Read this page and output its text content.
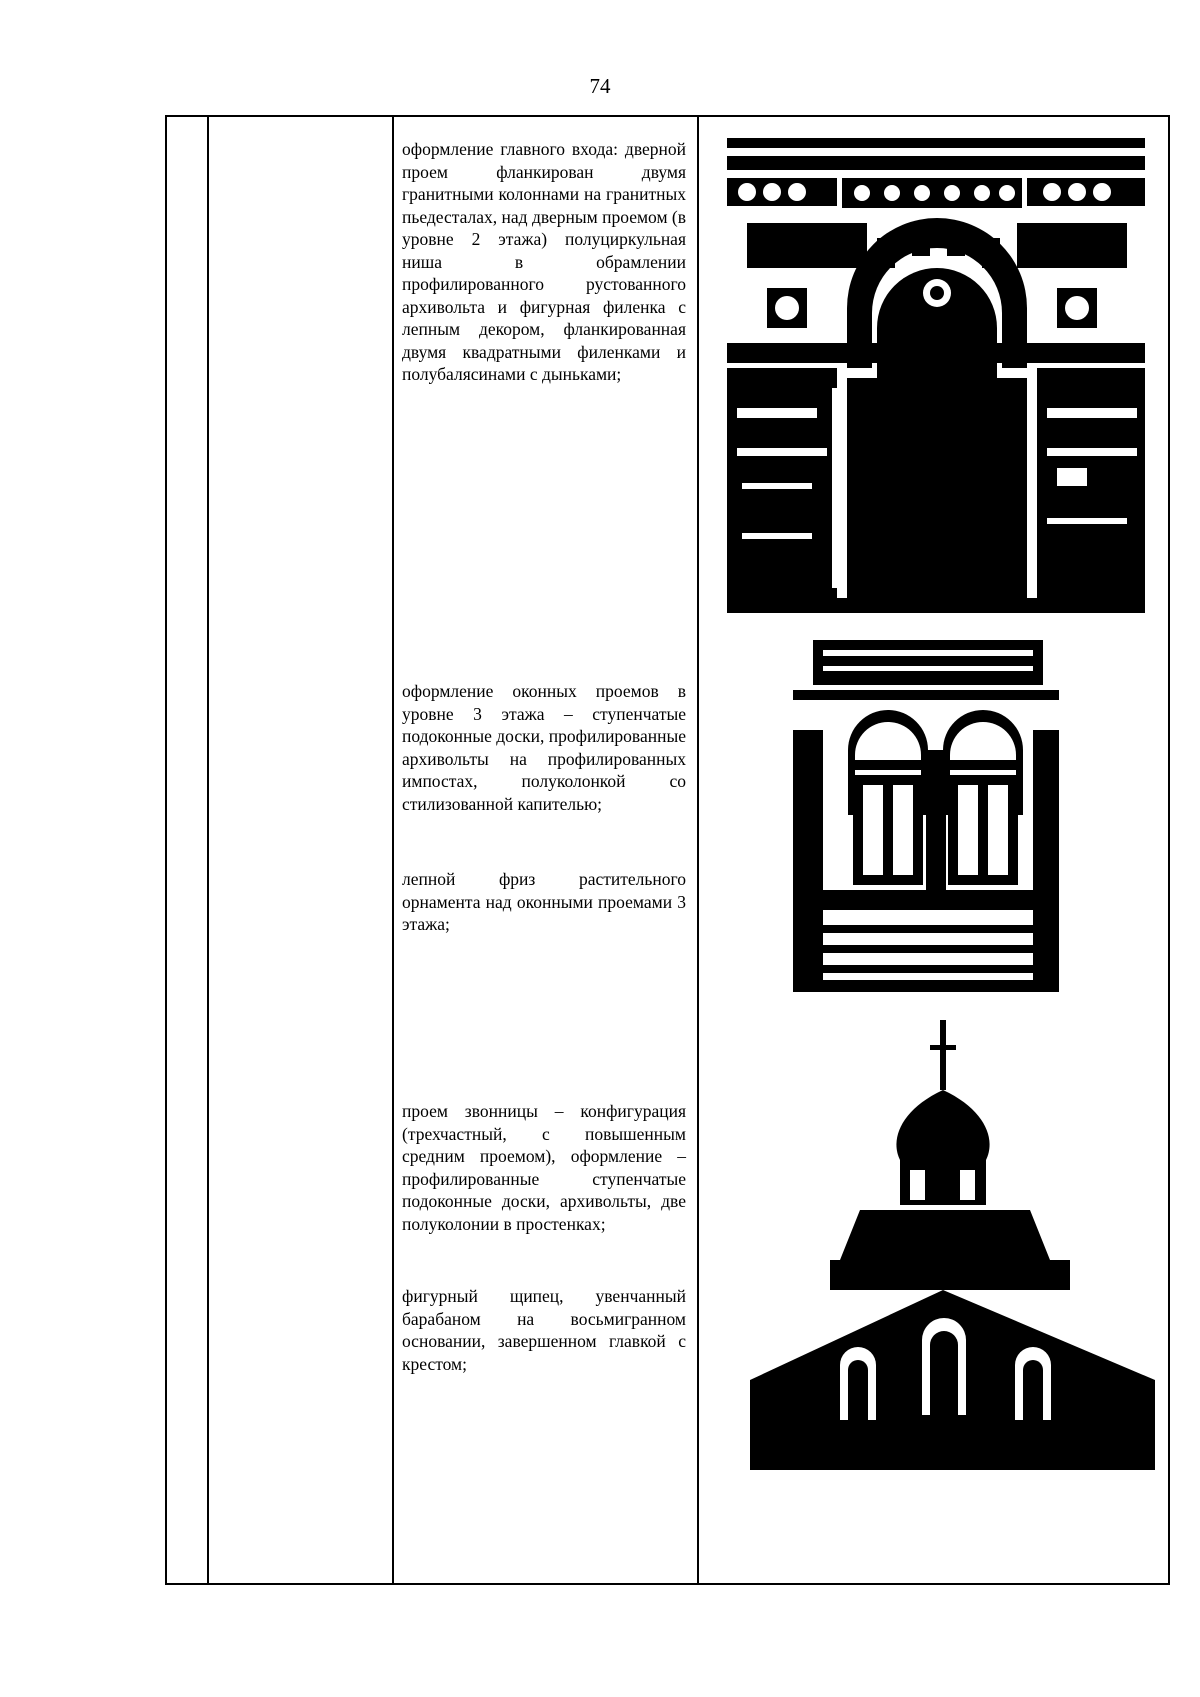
74

оформление главного входа: дверной проем фланкирован двумя гранитными колоннами на гранитных пьедесталах, над дверным проемом (в уровне 2 этажа) полуциркульная ниша в обрамлении профилированного рустованного архивольта и фигурная филенка с лепным декором, фланкированная двумя квадратными филенками и полубалясинами с дыньками;

оформление оконных проемов в уровне 3 этажа – ступенчатые подоконные доски, профилированные архивольты на профилированных импостах, полуколонкой со стилизованной капителью;

лепной фриз растительного орнамента над оконными проемами 3 этажа;

проем звонницы – конфигурация (трехчастный, с повышенным средним проемом), оформление – профилированные ступенчатые подоконные доски, архивольты, две полуколонии в простенках;

фигурный щипец, увенчанный барабаном на восьмигранном основании, завершенном главкой с крестом;
